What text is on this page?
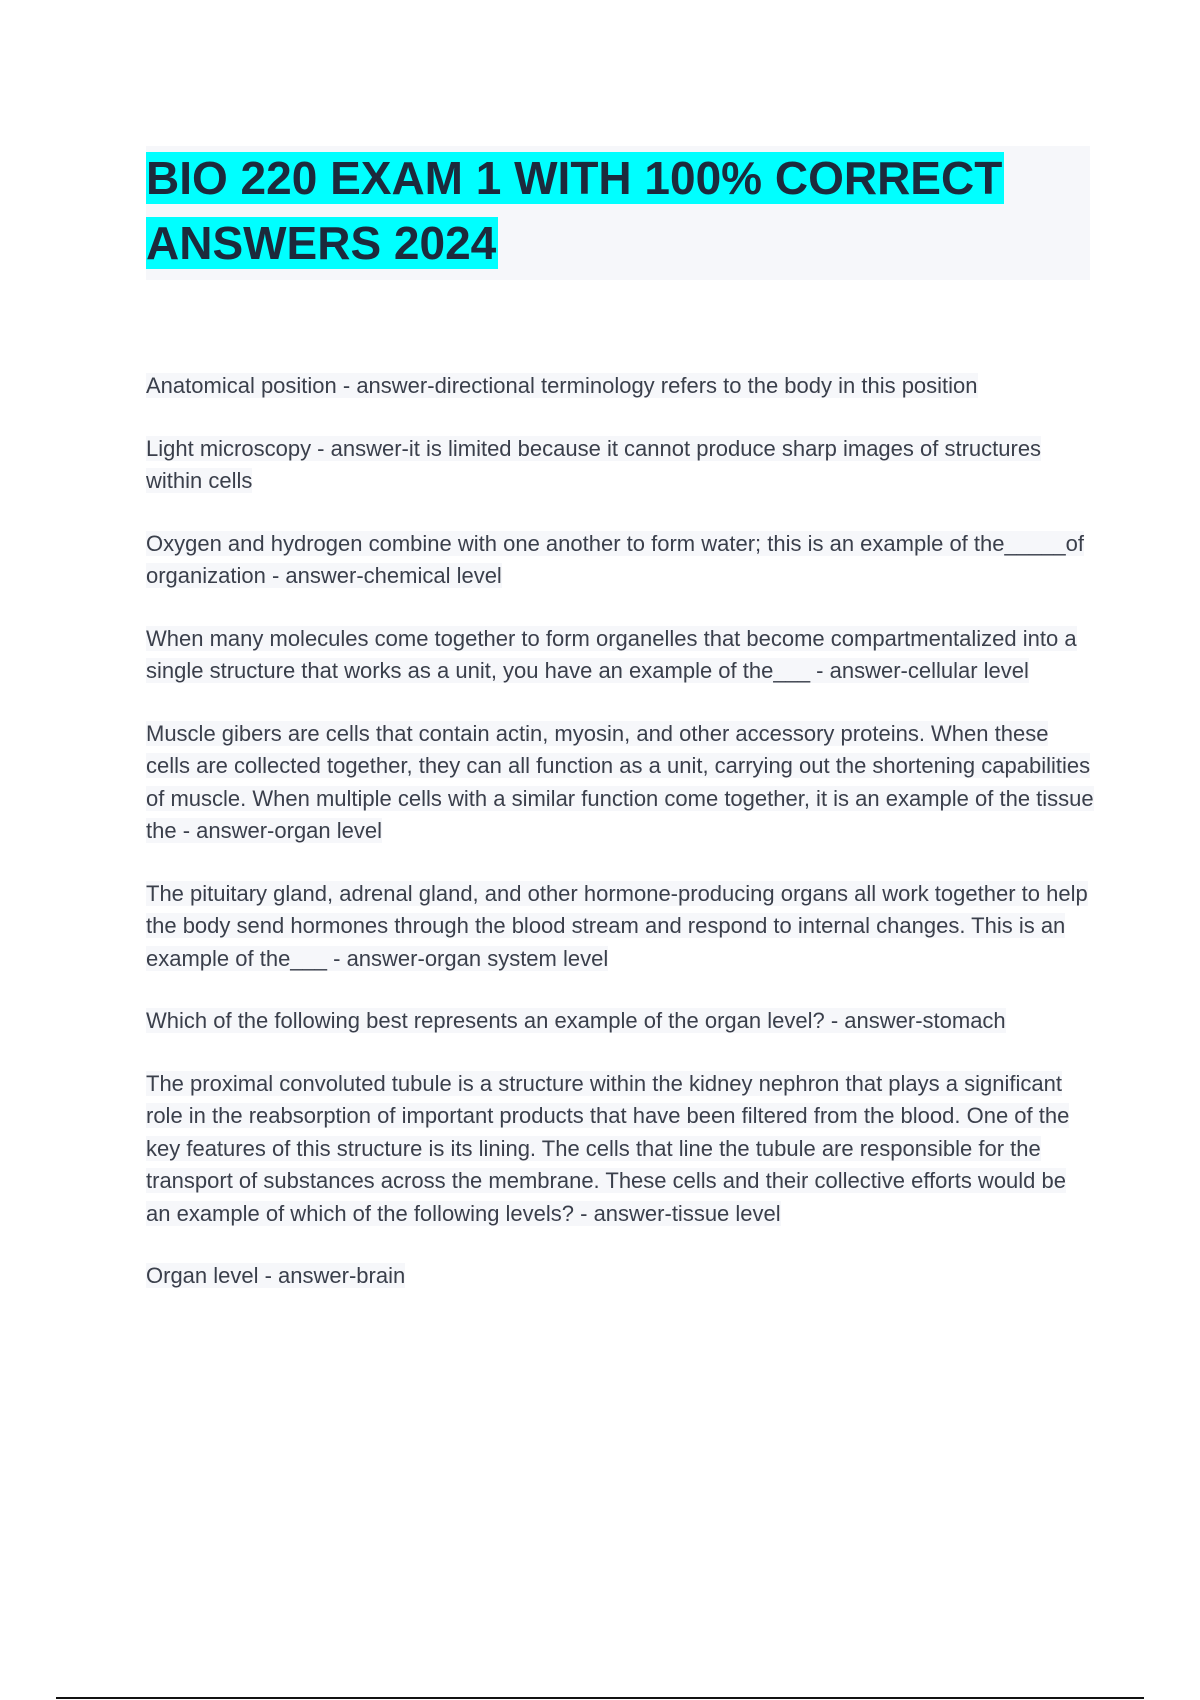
BIO 220 EXAM 1 WITH 100% CORRECT ANSWERS 2024
Anatomical position - answer-directional terminology refers to the body in this position
Light microscopy - answer-it is limited because it cannot produce sharp images of structures within cells
Oxygen and hydrogen combine with one another to form water; this is an example of the_____of organization - answer-chemical level
When many molecules come together to form organelles that become compartmentalized into a single structure that works as a unit, you have an example of the___ - answer-cellular level
Muscle gibers are cells that contain actin, myosin, and other accessory proteins. When these cells are collected together, they can all function as a unit, carrying out the shortening capabilities of muscle. When multiple cells with a similar function come together, it is an example of the tissue the - answer-organ level
The pituitary gland, adrenal gland, and other hormone-producing organs all work together to help the body send hormones through the blood stream and respond to internal changes. This is an example of the___ - answer-organ system level
Which of the following best represents an example of the organ level? - answer-stomach
The proximal convoluted tubule is a structure within the kidney nephron that plays a significant role in the reabsorption of important products that have been filtered from the blood. One of the key features of this structure is its lining. The cells that line the tubule are responsible for the transport of substances across the membrane. These cells and their collective efforts would be an example of which of the following levels? - answer-tissue level
Organ level - answer-brain
